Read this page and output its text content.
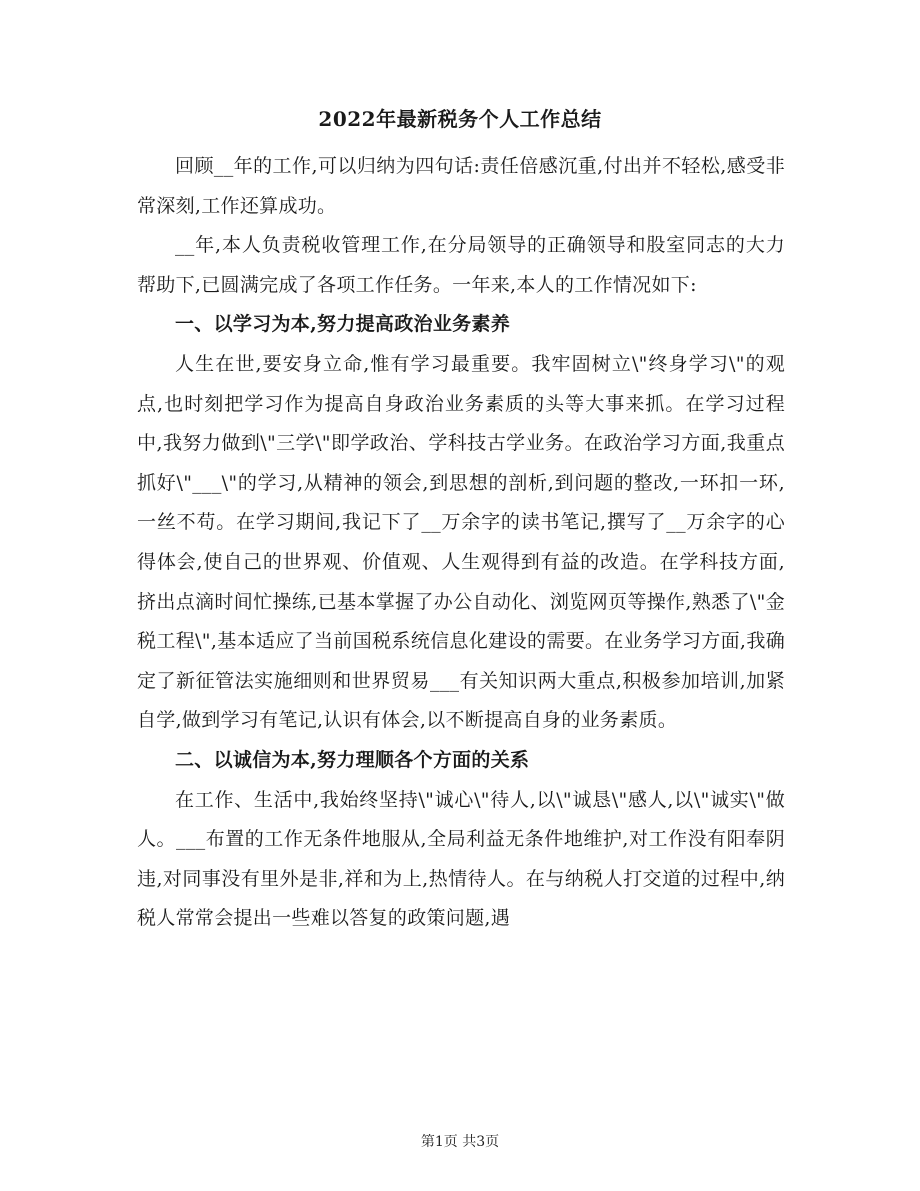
2022年最新税务个人工作总结

回顾__年的工作,可以归纳为四句话:责任倍感沉重,付出并不轻松,感受非常深刻,工作还算成功。

__年,本人负责税收管理工作,在分局领导的正确领导和股室同志的大力帮助下,已圆满完成了各项工作任务。一年来,本人的工作情况如下:

一、以学习为本,努力提高政治业务素养

人生在世,要安身立命,惟有学习最重要。我牢固树立\"终身学习\"的观点,也时刻把学习作为提高自身政治业务素质的头等大事来抓。在学习过程中,我努力做到\"三学\"即学政治、学科技古学业务。在政治学习方面,我重点抓好\"___\"的学习,从精神的领会,到思想的剖析,到问题的整改,一环扣一环,一丝不苟。在学习期间,我记下了__万余字的读书笔记,撰写了__万余字的心得体会,使自己的世界观、价值观、人生观得到有益的改造。在学科技方面,挤出点滴时间忙操练,已基本掌握了办公自动化、浏览网页等操作,熟悉了\"金税工程\",基本适应了当前国税系统信息化建设的需要。在业务学习方面,我确定了新征管法实施细则和世界贸易___有关知识两大重点,积极参加培训,加紧自学,做到学习有笔记,认识有体会,以不断提高自身的业务素质。

二、以诚信为本,努力理顺各个方面的关系

在工作、生活中,我始终坚持\"诚心\"待人,以\"诚恳\"感人,以\"诚实\"做人。___布置的工作无条件地服从,全局利益无条件地维护,对工作没有阳奉阴违,对同事没有里外是非,祥和为上,热情待人。在与纳税人打交道的过程中,纳税人常常会提出一些难以答复的政策问题,遇

第1页 共3页
